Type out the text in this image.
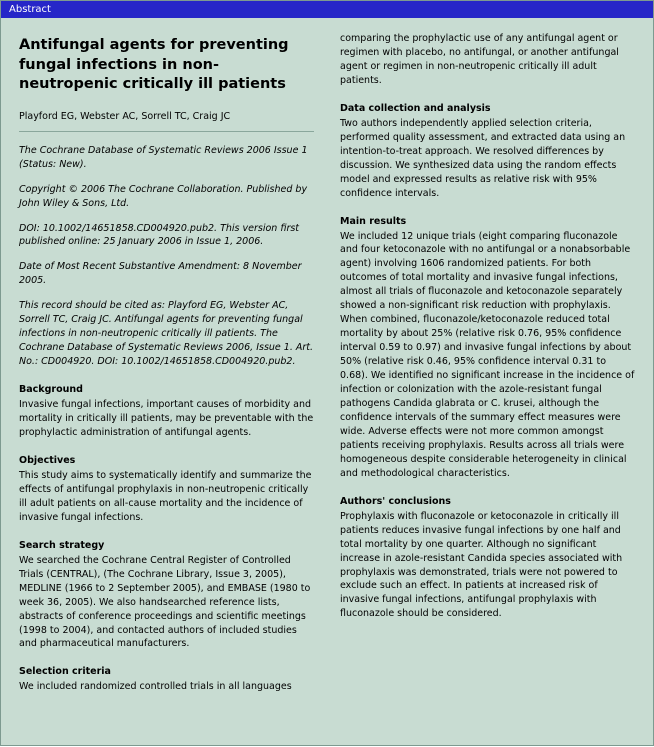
Abstract
Antifungal agents for preventing fungal infections in non-neutropenic critically ill patients
Playford EG, Webster AC, Sorrell TC, Craig JC

The Cochrane Database of Systematic Reviews 2006 Issue 1 (Status: New).

Copyright © 2006 The Cochrane Collaboration. Published by John Wiley & Sons, Ltd.

DOI: 10.1002/14651858.CD004920.pub2. This version first published online: 25 January 2006 in Issue 1, 2006.

Date of Most Recent Substantive Amendment: 8 November 2005.

This record should be cited as: Playford EG, Webster AC, Sorrell TC, Craig JC. Antifungal agents for preventing fungal infections in non-neutropenic critically ill patients. The Cochrane Database of Systematic Reviews 2006, Issue 1. Art. No.: CD004920. DOI: 10.1002/14651858.CD004920.pub2.

Background

Invasive fungal infections, important causes of morbidity and mortality in critically ill patients, may be preventable with the prophylactic administration of antifungal agents.

Objectives

This study aims to systematically identify and summarize the effects of antifungal prophylaxis in non-neutropenic critically ill adult patients on all-cause mortality and the incidence of invasive fungal infections.

Search strategy

We searched the Cochrane Central Register of Controlled Trials (CENTRAL), (The Cochrane Library, Issue 3, 2005), MEDLINE (1966 to 2 September 2005), and EMBASE (1980 to week 36, 2005). We also handsearched reference lists, abstracts of conference proceedings and scientific meetings (1998 to 2004), and contacted authors of included studies and pharmaceutical manufacturers.

Selection criteria

We included randomized controlled trials in all languages

comparing the prophylactic use of any antifungal agent or regimen with placebo, no antifungal, or another antifungal agent or regimen in non-neutropenic critically ill adult patients.

Data collection and analysis

Two authors independently applied selection criteria, performed quality assessment, and extracted data using an intention-to-treat approach. We resolved differences by discussion. We synthesized data using the random effects model and expressed results as relative risk with 95% confidence intervals.

Main results

We included 12 unique trials (eight comparing fluconazole and four ketoconazole with no antifungal or a nonabsorbable agent) involving 1606 randomized patients. For both outcomes of total mortality and invasive fungal infections, almost all trials of fluconazole and ketoconazole separately showed a non-significant risk reduction with prophylaxis. When combined, fluconazole/ketoconazole reduced total mortality by about 25% (relative risk 0.76, 95% confidence interval 0.59 to 0.97) and invasive fungal infections by about 50% (relative risk 0.46, 95% confidence interval 0.31 to 0.68). We identified no significant increase in the incidence of infection or colonization with the azole-resistant fungal pathogens Candida glabrata or C. krusei, although the confidence intervals of the summary effect measures were wide. Adverse effects were not more common amongst patients receiving prophylaxis. Results across all trials were homogeneous despite considerable heterogeneity in clinical and methodological characteristics.

Authors' conclusions

Prophylaxis with fluconazole or ketoconazole in critically ill patients reduces invasive fungal infections by one half and total mortality by one quarter. Although no significant increase in azole-resistant Candida species associated with prophylaxis was demonstrated, trials were not powered to exclude such an effect. In patients at increased risk of invasive fungal infections, antifungal prophylaxis with fluconazole should be considered.
